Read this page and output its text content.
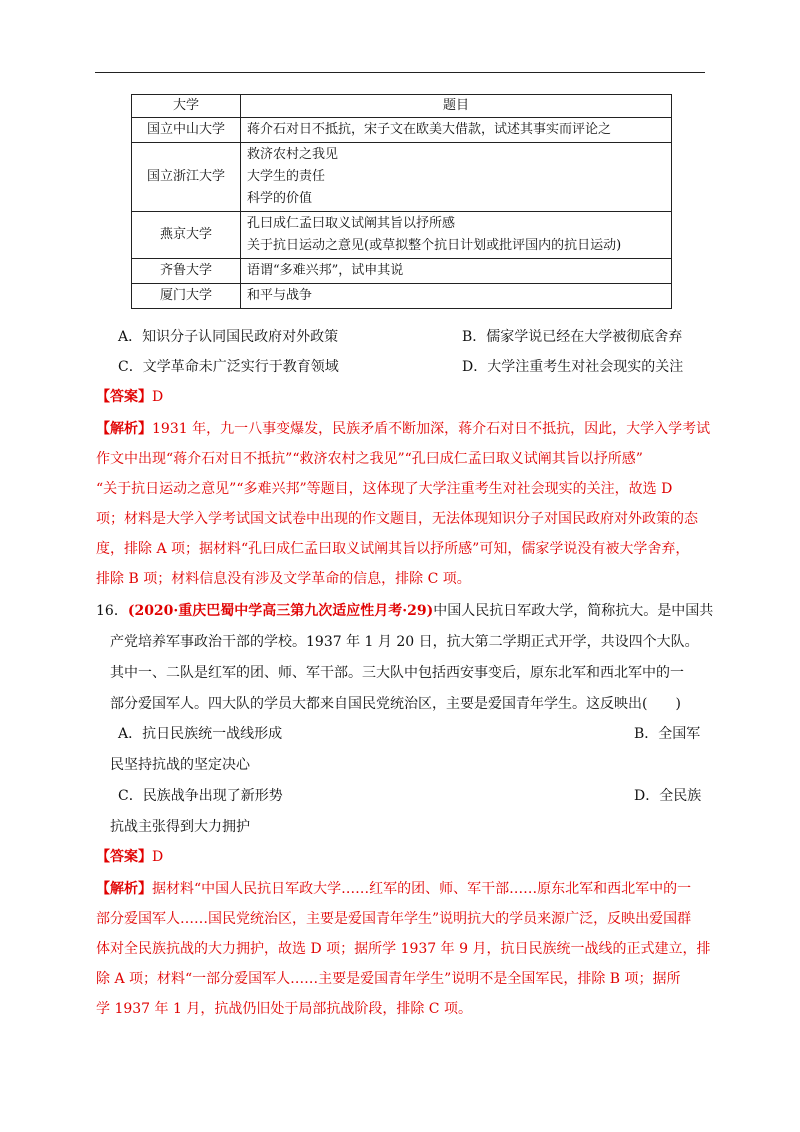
大学	题目
国立中山大学	蒋介石对日不抵抗，宋子文在欧美大借款，试述其事实而评论之

国立浙江大学	救济农村之我见
大学生的责任
科学的价值

燕京大学	孔曰成仁孟曰取义试阐其旨以抒所感
关于抗日运动之意见(或草拟整个抗日计划或批评国内的抗日运动)

齐鲁大学	语谓“多难兴邦”，试申其说

厦门大学	和平与战争
A．知识分子认同国民政府对外政策	B．儒家学说已经在大学被彻底舍弃
C．文学革命未广泛实行于教育领域	D．大学注重考生对社会现实的关注
【答案】D
【解析】1931 年，九一八事变爆发，民族矛盾不断加深，蒋介石对日不抵抗，因此，大学入学考试
作文中出现“蒋介石对日不抵抗”“救济农村之我见”“孔曰成仁孟曰取义试阐其旨以抒所感”
“关于抗日运动之意见”“多难兴邦”等题目，这体现了大学注重考生对社会现实的关注，故选 D
项；材料是大学入学考试国文试卷中出现的作文题目，无法体现知识分子对国民政府对外政策的态
度，排除 A 项；据材料“孔曰成仁孟曰取义试阐其旨以抒所感”可知，儒家学说没有被大学舍弃，
排除 B 项；材料信息没有涉及文学革命的信息，排除 C 项。
16．(2020·重庆巴蜀中学高三第九次适应性月考·29)中国人民抗日军政大学，简称抗大。是中国共
产党培养军事政治干部的学校。1937 年 1 月 20 日，抗大第二学期正式开学，共设四个大队。
其中一、二队是红军的团、师、军干部。三大队中包括西安事变后，原东北军和西北军中的一
部分爱国军人。四大队的学员大都来自国民党统治区，主要是爱国青年学生。这反映出(　　)
A．抗日民族统一战线形成	B．全国军
民坚持抗战的坚定决心
C．民族战争出现了新形势	D．全民族
抗战主张得到大力拥护
【答案】D
【解析】据材料“中国人民抗日军政大学……红军的团、师、军干部……原东北军和西北军中的一
部分爱国军人……国民党统治区，主要是爱国青年学生”说明抗大的学员来源广泛，反映出爱国群
体对全民族抗战的大力拥护，故选 D 项；据所学 1937 年 9 月，抗日民族统一战线的正式建立，排
除 A 项；材料“一部分爱国军人……主要是爱国青年学生”说明不是全国军民，排除 B 项；据所
学 1937 年 1 月，抗战仍旧处于局部抗战阶段，排除 C 项。
